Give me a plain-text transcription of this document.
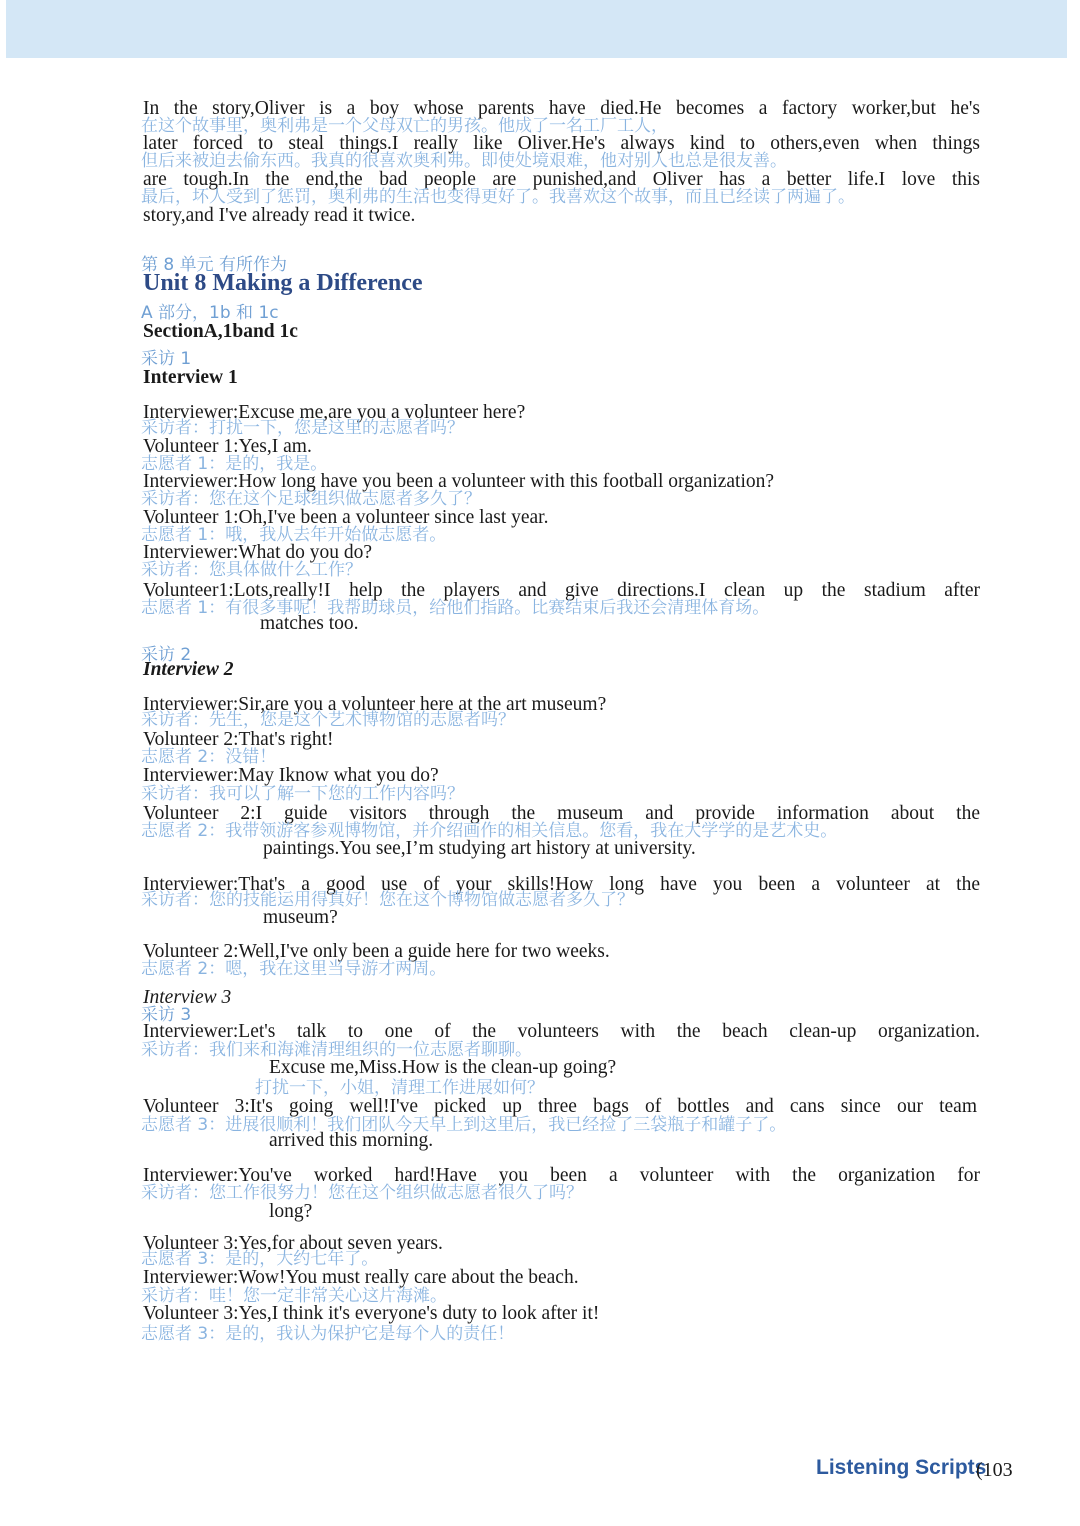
In the story,Oliver is a boy whose parents have died.He becomes a factory worker,but he's
在这个故事里，奥利弗是一个父母双亡的男孩。他成了一名工厂工人，
later forced to steal things.I really like Oliver.He's always kind to others,even when things
但后来被迫去偷东西。我真的很喜欢奥利弗。即使处境艰难，他对别人也总是很友善。
are tough.In the end,the bad people are punished,and Oliver has a better life.I love this
最后，坏人受到了惩罚，奥利弗的生活也变得更好了。我喜欢这个故事，而且已经读了两遍了。
story,and I've already read it twice.
第 8 单元 有所作为
Unit 8 Making a Difference
A 部分，1b 和 1c
SectionA,1band 1c
采访 1
Interview 1
Interviewer:Excuse me,are you a volunteer here?
采访者：打扰一下，您是这里的志愿者吗？
Volunteer 1:Yes,I am.
志愿者 1：是的，我是。
Interviewer:How long have you been a volunteer with this football organization?
采访者：您在这个足球组织做志愿者多久了？
Volunteer 1:Oh,I've been a volunteer since last year.
志愿者 1：哦，我从去年开始做志愿者。
Interviewer:What do you do?
采访者：您具体做什么工作？
Volunteer1:Lots,really!I help the players and give directions.I clean up the stadium after
志愿者 1：有很多事呢！我帮助球员，给他们指路。比赛结束后我还会清理体育场。
matches too.
采访 2
Interview 2
Interviewer:Sir,are you a volunteer here at the art museum?
采访者：先生，您是这个艺术博物馆的志愿者吗？
Volunteer 2:That's right!
志愿者 2：没错！
Interviewer:May Iknow what you do?
采访者：我可以了解一下您的工作内容吗？
Volunteer 2:I guide visitors through the museum and provide information about the
志愿者 2：我带领游客参观博物馆，并介绍画作的相关信息。您看，我在大学学的是艺术史。
paintings.You see,I’m studying art history at university.
Interviewer:That's a good use of your skills!How long have you been a volunteer at the
采访者：您的技能运用得真好！您在这个博物馆做志愿者多久了？
museum?
Volunteer 2:Well,I've only been a guide here for two weeks.
志愿者 2：嗯，我在这里当导游才两周。
Interview 3
采访 3
Interviewer:Let's talk to one of the volunteers with the beach clean-up organization.
采访者：我们来和海滩清理组织的一位志愿者聊聊。
Excuse me,Miss.How is the clean-up going?
打扰一下，小姐，清理工作进展如何？
Volunteer 3:It's going well!I've picked up three bags of bottles and cans since our team
志愿者 3：进展很顺利！我们团队今天早上到这里后，我已经捡了三袋瓶子和罐子了。
arrived this morning.
Interviewer:You've worked hard!Have you been a volunteer with the organization for
采访者：您工作很努力！您在这个组织做志愿者很久了吗？
long?
Volunteer 3:Yes,for about seven years.
志愿者 3：是的，大约七年了。
Interviewer:Wow!You must really care about the beach.
采访者：哇！您一定非常关心这片海滩。
Volunteer 3:Yes,I think it's everyone's duty to look after it!
志愿者 3：是的，我认为保护它是每个人的责任！
Listening Scripts
(103
